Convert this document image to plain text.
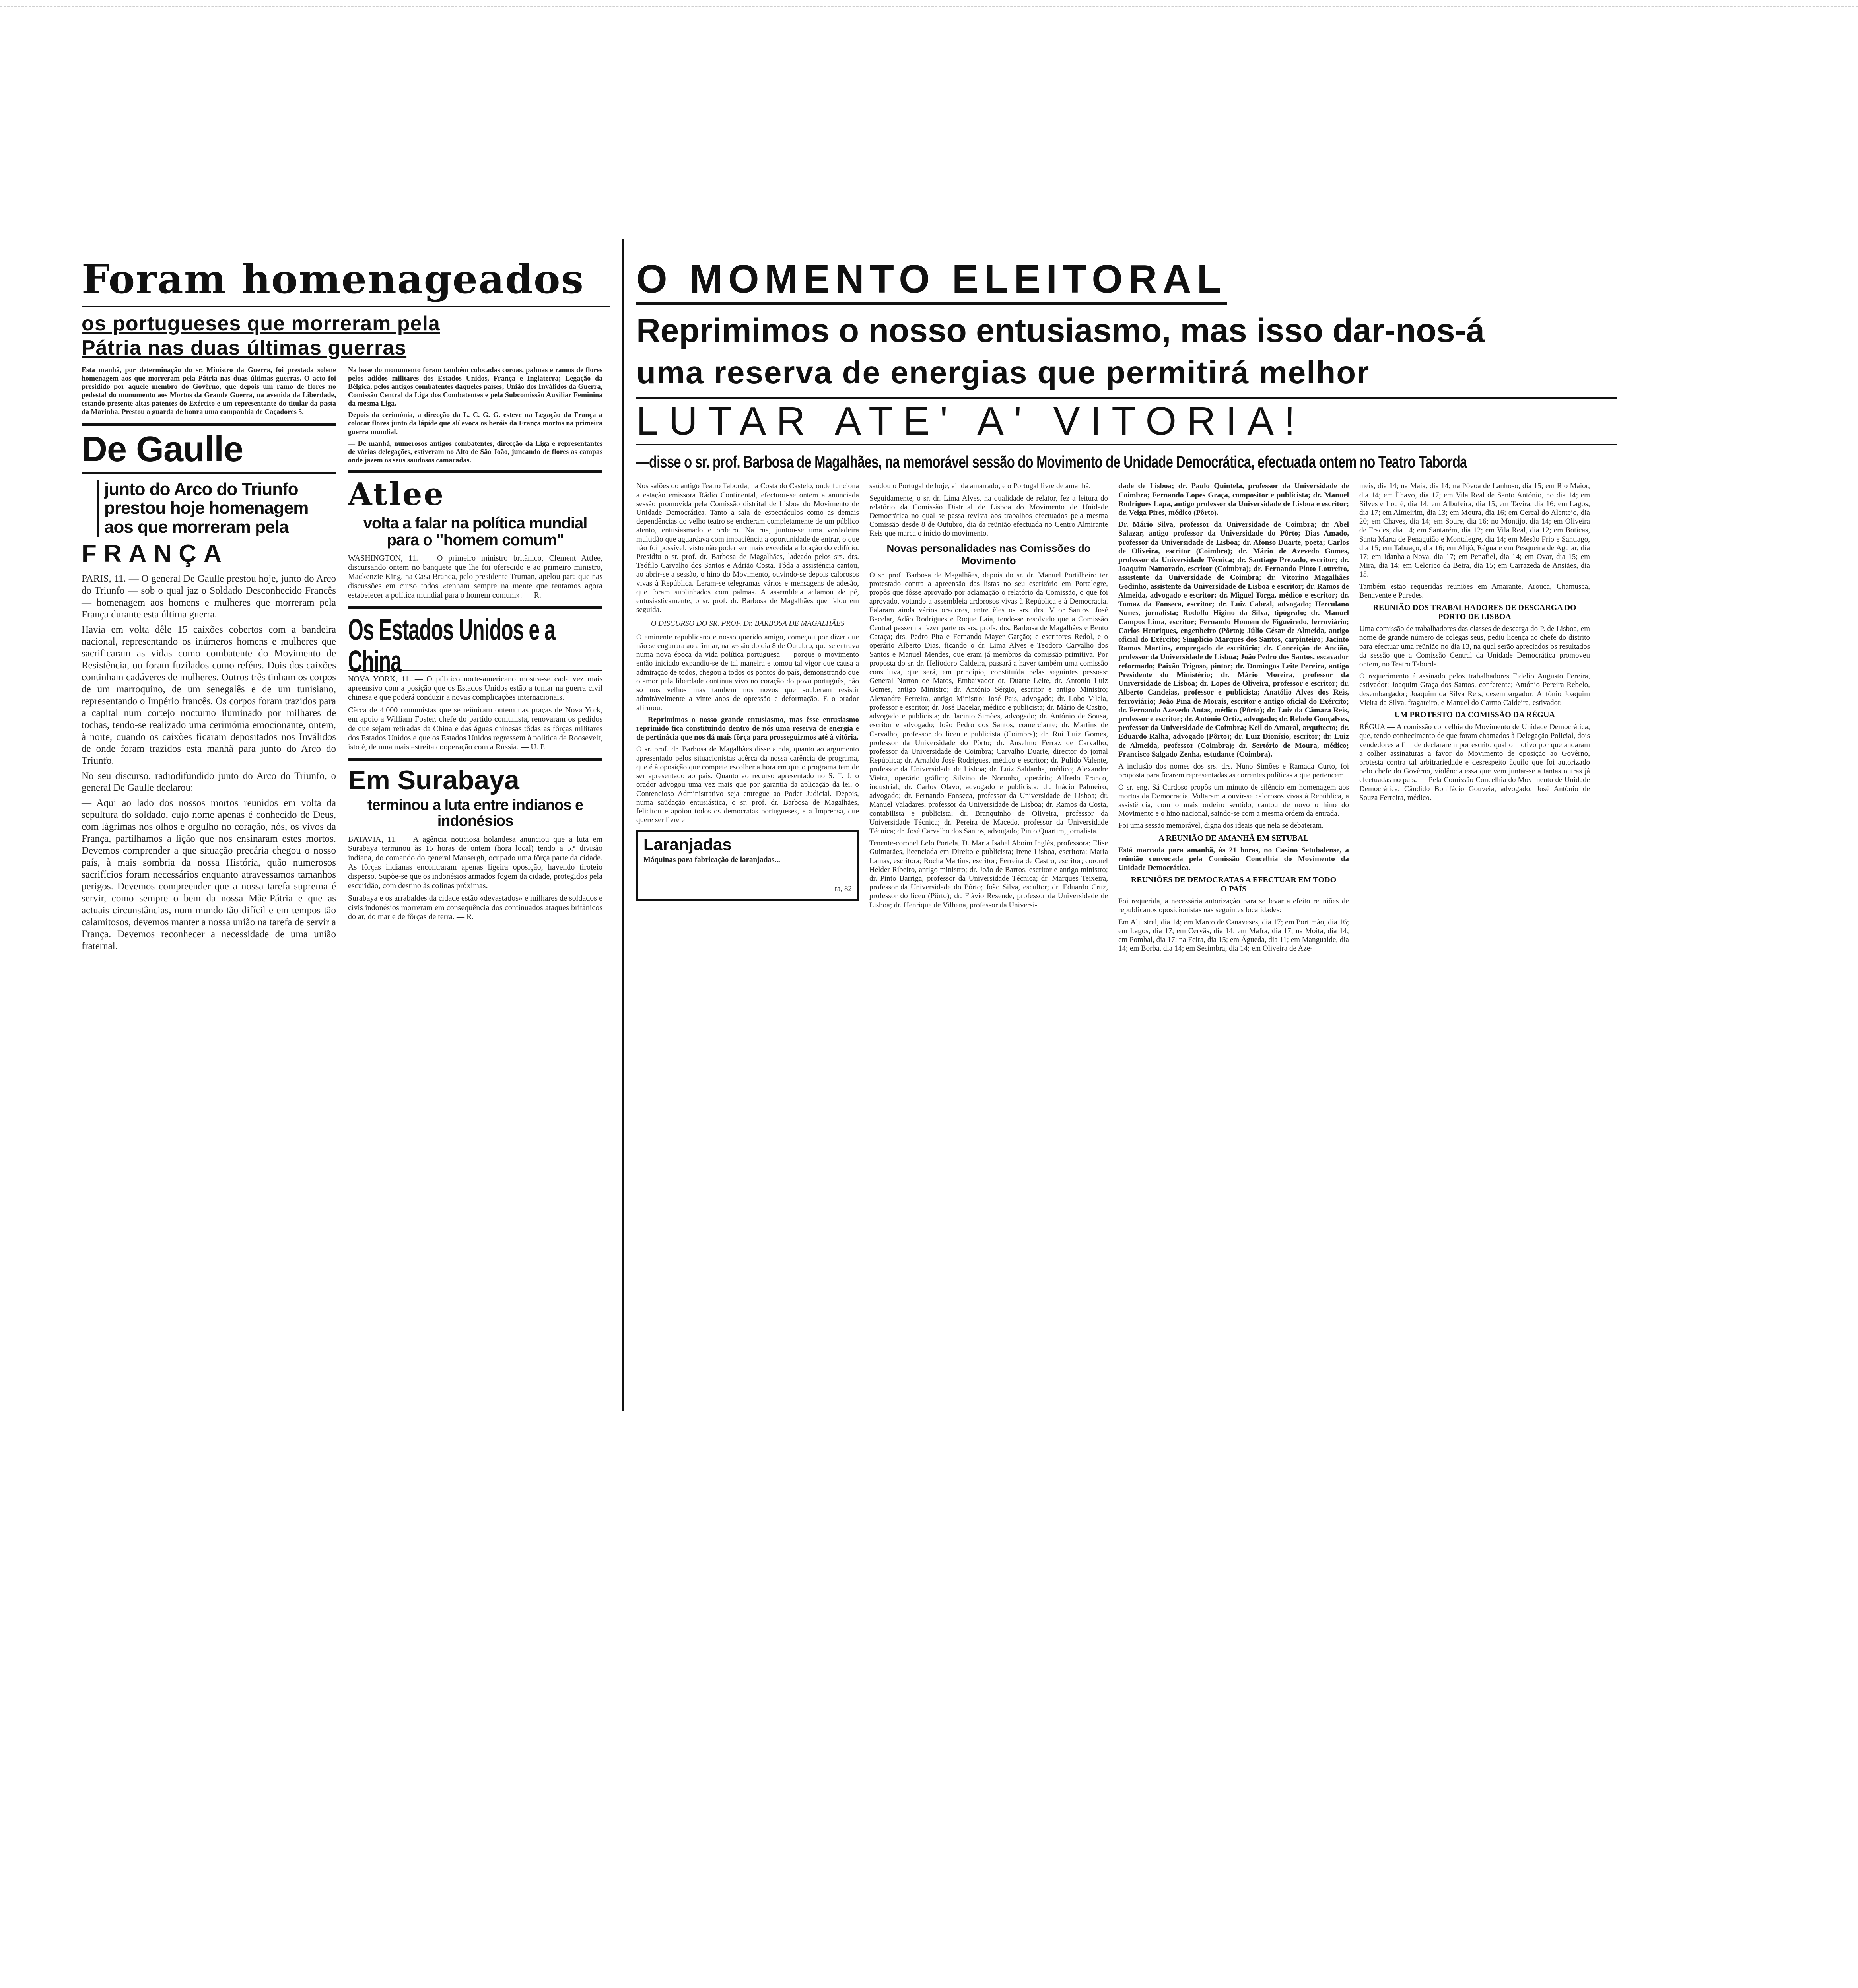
Foram homenageados
os portugueses que morreram pela
Pátria nas duas últimas guerras

Esta manhã, por determinação do sr. Ministro da Guerra, foi prestada solene homenagem aos que morreram pela Pátria nas duas últimas guerras. O acto foi presidido por aquele membro do Govêrno, que depois um ramo de flores no pedestal do monumento aos Mortos da Grande Guerra, na avenida da Liberdade, estando presente altas patentes do Exército e um representante do titular da pasta da Marinha. Prestou a guarda de honra uma companhia de Caçadores 5.

De Gaulle
junto do Arco do Triunfo prestou hoje homenagem aos que morreram pela
FRANÇA

PARIS, 11. — O general De Gaulle prestou hoje, junto do Arco do Triunfo — sob o qual jaz o Soldado Desconhecido Francês — homenagem aos homens e mulheres que morreram pela França durante esta última guerra.

Havia em volta dêle 15 caixões cobertos com a bandeira nacional, representando os inúmeros homens e mulheres que sacrificaram as vidas como combatente do Movimento de Resistência, ou foram fuzilados como reféns. Dois dos caixões continham cadáveres de mulheres. Outros três tinham os corpos de um marroquino, de um senegalês e de um tunisiano, representando o Império francês. Os corpos foram trazidos para a capital num cortejo nocturno iluminado por milhares de tochas, tendo-se realizado uma cerimónia emocionante, ontem, à noite, quando os caixões ficaram depositados nos Inválidos de onde foram trazidos esta manhã para junto do Arco do Triunfo.

No seu discurso, radiodifundido junto do Arco do Triunfo, o general De Gaulle declarou:

— Aqui ao lado dos nossos mortos reunidos em volta da sepultura do soldado, cujo nome apenas é conhecido de Deus, com lágrimas nos olhos e orgulho no coração, nós, os vivos da França, partilhamos a lição que nos ensinaram estes mortos. Devemos comprender a que situação precária chegou o nosso país, à mais sombria da nossa História, quão numerosos sacrifícios foram necessários enquanto atravessamos tamanhos perigos. Devemos compreender que a nossa tarefa suprema é servir, como sempre o bem da nossa Mãe-Pátria e que as actuais circunstâncias, num mundo tão difícil e em tempos tão calamitosos, devemos manter a nossa união na tarefa de servir a França. Devemos reconhecer a necessidade de uma união fraternal.

Na base do monumento foram também colocadas coroas, palmas e ramos de flores pelos adidos militares dos Estados Unidos, França e Inglaterra; Legação da Bélgica, pelos antigos combatentes daqueles países; União dos Inválidos da Guerra, Comissão Central da Liga dos Combatentes e pela Subcomissão Auxiliar Feminina da mesma Liga.

Depois da cerimónia, a direcção da L. C. G. G. esteve na Legação da França a colocar flores junto da lápide que alí evoca os heróis da França mortos na primeira guerra mundial.

— De manhã, numerosos antigos combatentes, direcção da Liga e representantes de várias delegações, estiveram no Alto de São João, juncando de flores as campas onde jazem os seus saüdosos camaradas.

Atlee
volta a falar na política mundial para o "homem comum"

WASHINGTON, 11. — O primeiro ministro britânico, Clement Attlee, discursando ontem no banquete que lhe foi oferecido e ao primeiro ministro, Mackenzie King, na Casa Branca, pelo presidente Truman, apelou para que nas discussões em curso todos «tenham sempre na mente que tentamos agora estabelecer a política mundial para o homem comum». — R.

Os Estados Unidos e a China

NOVA YORK, 11. — O público norte-americano mostra-se cada vez mais apreensivo com a posição que os Estados Unidos estão a tomar na guerra civil chinesa e que poderá conduzir a novas complicações internacionais.

Cêrca de 4.000 comunistas que se reüniram ontem nas praças de Nova York, em apoio a William Foster, chefe do partido comunista, renovaram os pedidos de que sejam retiradas da China e das águas chinesas tôdas as fôrças militares dos Estados Unidos e que os Estados Unidos regressem à política de Roosevelt, isto é, de uma mais estreita cooperação com a Rússia. — U. P.

Em Surabaya
terminou a luta entre indianos e indonésios

BATAVIA, 11. — A agência noticiosa holandesa anunciou que a luta em Surabaya terminou às 15 horas de ontem (hora local) tendo a 5.ª divisão indiana, do comando do general Mansergh, ocupado uma fôrça parte da cidade. As fôrças indianas encontraram apenas ligeira oposição, havendo tiroteio disperso. Supõe-se que os indonésios armados fogem da cidade, protegidos pela escuridão, com destino às colinas próximas.

Surabaya e os arrabaldes da cidade estão «devastados» e milhares de soldados e civis indonésios morreram em consequência dos continuados ataques britânicos do ar, do mar e de fôrças de terra. — R.

O MOMENTO ELEITORAL
Reprimimos o nosso entusiasmo, mas isso dar-nos-á
uma reserva de energias que permitirá melhor
LUTAR ATE' A' VITORIA!
—disse o sr. prof. Barbosa de Magalhães, na memorável sessão do Movimento de Unidade Democrática, efectuada ontem no Teatro Taborda

Nos salões do antigo Teatro Taborda, na Costa do Castelo, onde funciona a estação emissora Rádio Continental, efectuou-se ontem a anunciada sessão promovida pela Comissão distrital de Lisboa do Movimento de Unidade Democrática. Tanto a sala de espectáculos como as demais dependências do velho teatro se encheram completamente de um público atento, entusiasmado e ordeiro. Na rua, juntou-se uma verdadeira multidão que aguardava com impaciência a oportunidade de entrar, o que não foi possível, visto não poder ser mais excedida a lotação do edifício. Presidiu o sr. prof. dr. Barbosa de Magalhães, ladeado pelos srs. drs. Teófilo Carvalho dos Santos e Adrião Costa. Tôda a assistência cantou, ao abrir-se a sessão, o hino do Movimento, ouvindo-se depois calorosos vivas à República. Leram-se telegramas vários e mensagens de adesão, que foram sublinhados com palmas. A assembleia aclamou de pé, entusiasticamente, o sr. prof. dr. Barbosa de Magalhães que falou em seguida.

O DISCURSO DO SR. PROF. Dr. BARBOSA DE MAGALHÃES

O eminente republicano e nosso querido amigo, começou por dizer que não se enganara ao afirmar, na sessão do dia 8 de Outubro, que se entrava numa nova época da vida política portuguesa — porque o movimento então iniciado expandiu-se de tal maneira e tomou tal vigor que causa a admiração de todos, chegou a todos os pontos do país, demonstrando que o amor pela liberdade continua vivo no coração do povo português, não só nos velhos mas também nos novos que souberam resistir admiràvelmente a vinte anos de opressão e deformação. E o orador afirmou:

— Reprimimos o nosso grande entusiasmo, mas êsse entusiasmo reprimido fica constituindo dentro de nós uma reserva de energia e de pertinácia que nos dá mais fôrça para prosseguirmos até à vitória.

O sr. prof. dr. Barbosa de Magalhães disse ainda, quanto ao argumento apresentado pelos situacionistas acêrca da nossa carência de programa, que é à oposição que compete escolher a hora em que o programa tem de ser apresentado ao país. Quanto ao recurso apresentado no S. T. J. o orador advogou uma vez mais que por garantia da aplicação da lei, o Contencioso Administrativo seja entregue ao Poder Judicial. Depois, numa saüdação entusiástica, o sr. prof. dr. Barbosa de Magalhães, felicitou e apoiou todos os democratas portugueses, e a Imprensa, que quere ser livre e

Laranjadas
Máquinas para fabricação de laranjadas...
ra, 82

saüdou o Portugal de hoje, ainda amarrado, e o Portugal livre de amanhã.

Seguidamente, o sr. dr. Lima Alves, na qualidade de relator, fez a leitura do relatório da Comissão Distrital de Lisboa do Movimento de Unidade Democrática no qual se passa revista aos trabalhos efectuados pela mesma Comissão desde 8 de Outubro, dia da reünião efectuada no Centro Almirante Reis que marca o início do movimento.

Novas personalidades nas Comissões do Movimento

O sr. prof. Barbosa de Magalhães, depois do sr. dr. Manuel Portilheiro ter protestado contra a apreensão das listas no seu escritório em Portalegre, propôs que fôsse aprovado por aclamação o relatório da Comissão, o que foi aprovado, votando a assembleia ardorosos vivas à República e à Democracia. Falaram ainda vários oradores, entre êles os srs. drs. Vitor Santos, José Bacelar, Adão Rodrigues e Roque Laia, tendo-se resolvido que a Comissão Central passem a fazer parte os srs. profs. drs. Barbosa de Magalhães e Bento Caraça; drs. Pedro Pita e Fernando Mayer Garção; e escritores Redol, e o operário Alberto Dias, ficando o dr. Lima Alves e Teodoro Carvalho dos Santos e Manuel Mendes, que eram já membros da comissão primitiva. Por proposta do sr. dr. Heliodoro Caldeira, passará a haver também uma comissão consultiva, que será, em princípio, constituída pelas seguintes pessoas: General Norton de Matos, Embaixador dr. Duarte Leite, dr. António Luiz Gomes, antigo Ministro; dr. António Sérgio, escritor e antigo Ministro; Alexandre Ferreira, antigo Ministro; José Pais, advogado; dr. Lobo Vilela, professor e escritor; dr. José Bacelar, médico e publicista; dr. Mário de Castro, advogado e publicista; dr. Jacinto Simões, advogado; dr. António de Sousa, escritor e advogado; João Pedro dos Santos, comerciante; dr. Martins de Carvalho, professor do liceu e publicista (Coimbra); dr. Rui Luiz Gomes, professor da Universidade do Pôrto; dr. Anselmo Ferraz de Carvalho, professor da Universidade de Coimbra; Carvalho Duarte, director do jornal República; dr. Arnaldo José Rodrigues, médico e escritor; dr. Pulido Valente, professor da Universidade de Lisboa; dr. Luiz Saldanha, médico; Alexandre Vieira, operário gráfico; Silvino de Noronha, operário; Alfredo Franco, industrial; dr. Carlos Olavo, advogado e publicista; dr. Inácio Palmeiro, advogado; dr. Fernando Fonseca, professor da Universidade de Lisboa; dr. Manuel Valadares, professor da Universidade de Lisboa; dr. Ramos da Costa, contabilista e publicista; dr. Branquinho de Oliveira, professor da Universidade Técnica; dr. Pereira de Macedo, professor da Universidade Técnica; dr. José Carvalho dos Santos, advogado; Pinto Quartim, jornalista.

Tenente-coronel Lelo Portela, D. Maria Isabel Aboim Inglês, professora; Elise Guimarães, licenciada em Direito e publicista; Irene Lisboa, escritora; Maria Lamas, escritora; Rocha Martins, escritor; Ferreira de Castro, escritor; coronel Helder Ribeiro, antigo ministro; dr. João de Barros, escritor e antigo ministro; dr. Pinto Barriga, professor da Universidade Técnica; dr. Marques Teixeira, professor da Universidade do Pôrto; João Silva, escultor; dr. Eduardo Cruz, professor do liceu (Pôrto); dr. Flávio Resende, professor da Universidade de Lisboa; dr. Henrique de Vilhena, professor da Universi-

dade de Lisboa; dr. Paulo Quintela, professor da Universidade de Coimbra; Fernando Lopes Graça, compositor e publicista; dr. Manuel Rodrigues Lapa, antigo professor da Universidade de Lisboa e escritor; dr. Veiga Pires, médico (Pôrto).

Dr. Mário Silva, professor da Universidade de Coimbra; dr. Abel Salazar, antigo professor da Universidade do Pôrto; Dias Amado, professor da Universidade de Lisboa; dr. Afonso Duarte, poeta; Carlos de Oliveira, escritor (Coimbra); dr. Mário de Azevedo Gomes, professor da Universidade Técnica; dr. Santiago Prezado, escritor; dr. Joaquim Namorado, escritor (Coimbra); dr. Fernando Pinto Loureiro, assistente da Universidade de Coimbra; dr. Vitorino Magalhães Godinho, assistente da Universidade de Lisboa e escritor; dr. Ramos de Almeida, advogado e escritor; dr. Miguel Torga, médico e escritor; dr. Tomaz da Fonseca, escritor; dr. Luiz Cabral, advogado; Herculano Nunes, jornalista; Rodolfo Higino da Silva, tipógrafo; dr. Manuel Campos Lima, escritor; Fernando Homem de Figueiredo, ferroviário; Carlos Henriques, engenheiro (Pôrto); Júlio César de Almeida, antigo oficial do Exército; Simplício Marques dos Santos, carpinteiro; Jacinto Ramos Martins, empregado de escritório; dr. Conceição de Ancião, professor da Universidade de Lisboa; João Pedro dos Santos, escavador reformado; Paixão Trigoso, pintor; dr. Domingos Leite Pereira, antigo Presidente do Ministério; dr. Mário Moreira, professor da Universidade de Lisboa; dr. Lopes de Oliveira, professor e escritor; dr. Alberto Candeias, professor e publicista; Anatólio Alves dos Reis, ferroviário; João Pina de Morais, escritor e antigo oficial do Exército; dr. Fernando Azevedo Antas, médico (Pôrto); dr. Luiz da Câmara Reis, professor e escritor; dr. António Ortiz, advogado; dr. Rebelo Gonçalves, professor da Universidade de Coimbra; Keil do Amaral, arquitecto; dr. Eduardo Ralha, advogado (Pôrto); dr. Luiz Dionísio, escritor; dr. Luiz de Almeida, professor (Coimbra); dr. Sertório de Moura, médico; Francisco Salgado Zenha, estudante (Coimbra).

A inclusão dos nomes dos srs. drs. Nuno Simões e Ramada Curto, foi proposta para ficarem representadas as correntes políticas a que pertencem.

O sr. eng. Sá Cardoso propôs um minuto de silêncio em homenagem aos mortos da Democracia. Voltaram a ouvir-se calorosos vivas à República, a assistência, com o mais ordeiro sentido, cantou de novo o hino do Movimento e o hino nacional, saindo-se com a mesma ordem da entrada.

Foi uma sessão memorável, digna dos ideais que nela se debateram.

A REUNIÃO DE AMANHÃ EM SETUBAL

Está marcada para amanhã, às 21 horas, no Casino Setubalense, a reünião convocada pela Comissão Concelhia do Movimento da Unidade Democrática.

REUNIÕES DE DEMOCRATAS A EFECTUAR EM TODO O PAÍS

Foi requerida, a necessária autorização para se levar a efeito reuniões de republicanos oposicionistas nas seguintes localidades:

Em Aljustrel, dia 14; em Marco de Canaveses, dia 17; em Portimão, dia 16; em Lagos, dia 17; em Cerväs, dia 14; em Mafra, dia 17; na Moita, dia 14; em Pombal, dia 17; na Feira, dia 15; em Águeda, dia 11; em Mangualde, dia 14; em Borba, dia 14; em Sesimbra, dia 14; em Oliveira de Aze-

meis, dia 14; na Maia, dia 14; na Póvoa de Lanhoso, dia 15; em Rio Maior, dia 14; em Ílhavo, dia 17; em Vila Real de Santo António, no dia 14; em Silves e Loulé, dia 14; em Albufeira, dia 15; em Tavira, dia 16; em Lagos, dia 17; em Almeirim, dia 13; em Moura, dia 16; em Cercal do Alentejo, dia 20; em Chaves, dia 14; em Soure, dia 16; no Montijo, dia 14; em Oliveira de Frades, dia 14; em Santarém, dia 12; em Vila Real, dia 12; em Boticas, Santa Marta de Penaguião e Montalegre, dia 14; em Mesão Frio e Santiago, dia 15; em Tabuaço, dia 16; em Alijó, Régua e em Pesqueira de Aguiar, dia 17; em Idanha-a-Nova, dia 17; em Penafiel, dia 14; em Ovar, dia 15; em Mira, dia 14; em Celorico da Beira, dia 15; em Carrazeda de Ansiães, dia 15.

Também estão requeridas reuniões em Amarante, Arouca, Chamusca, Benavente e Paredes.

REUNIÃO DOS TRABALHADORES DE DESCARGA DO PORTO DE LISBOA

Uma comissão de trabalhadores das classes de descarga do P. de Lisboa, em nome de grande número de colegas seus, pediu licença ao chefe do distrito para efectuar uma reünião no dia 13, na qual serão apreciados os resultados da sessão que a Comissão Central da Unidade Democrática promoveu ontem, no Teatro Taborda.

O requerimento é assinado pelos trabalhadores Fidelio Augusto Pereira, estivador; Joaquim Graça dos Santos, conferente; António Pereira Rebelo, desembargador; Joaquim da Silva Reis, desembargador; António Joaquim Vieira da Silva, fragateiro, e Manuel do Carmo Caldeira, estivador.

UM PROTESTO DA COMISSÃO DA RÉGUA

RÉGUA — A comissão concelhia do Movimento de Unidade Democrática, que, tendo conhecimento de que foram chamados à Delegação Policial, dois vendedores a fim de declararem por escrito qual o motivo por que andaram a colher assinaturas a favor do Movimento de oposição ao Govêrno, protesta contra tal arbitrariedade e desrespeito àquilo que foi autorizado pelo chefe do Govêrno, violência essa que vem juntar-se a tantas outras já efectuadas no país. — Pela Comissão Concelhia do Movimento de Unidade Democrática, Cândido Bonifácio Gouveia, advogado; José António de Souza Ferreira, médico.
